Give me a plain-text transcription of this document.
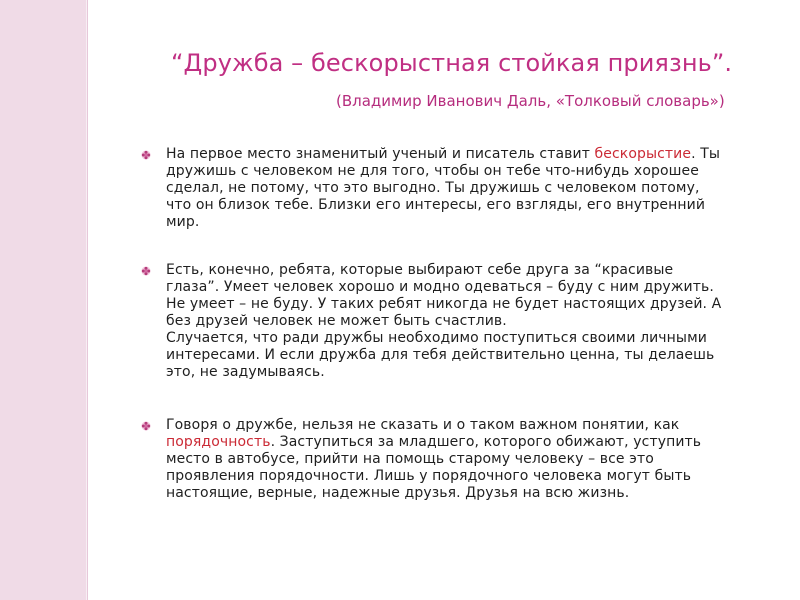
“Дружба – бескорыстная стойкая приязнь”.

(Владимир Иванович Даль, «Толковый словарь»)

На первое место знаменитый ученый и писатель ставит бескорыстие. Ты
дружишь с человеком не для того, чтобы он тебе что-нибудь хорошее
сделал, не потому, что это выгодно. Ты дружишь с человеком потому,
что он близок тебе. Близки его интересы, его взгляды, его внутренний
мир.
Есть, конечно, ребята, которые выбирают себе друга за “красивые
глаза”. Умеет человек хорошо и модно одеваться – буду с ним дружить.
Не умеет – не буду. У таких ребят никогда не будет настоящих друзей. А
без друзей человек не может быть счастлив.
Случается, что ради дружбы необходимо поступиться своими личными
интересами. И если дружба для тебя действительно ценна, ты делаешь
это, не задумываясь.
Говоря о дружбе, нельзя не сказать и о таком важном понятии, как
порядочность. Заступиться за младшего, которого обижают, уступить
место в автобусе, прийти на помощь старому человеку – все это
проявления порядочности. Лишь у порядочного человека могут быть
настоящие, верные, надежные друзья. Друзья на всю жизнь.
